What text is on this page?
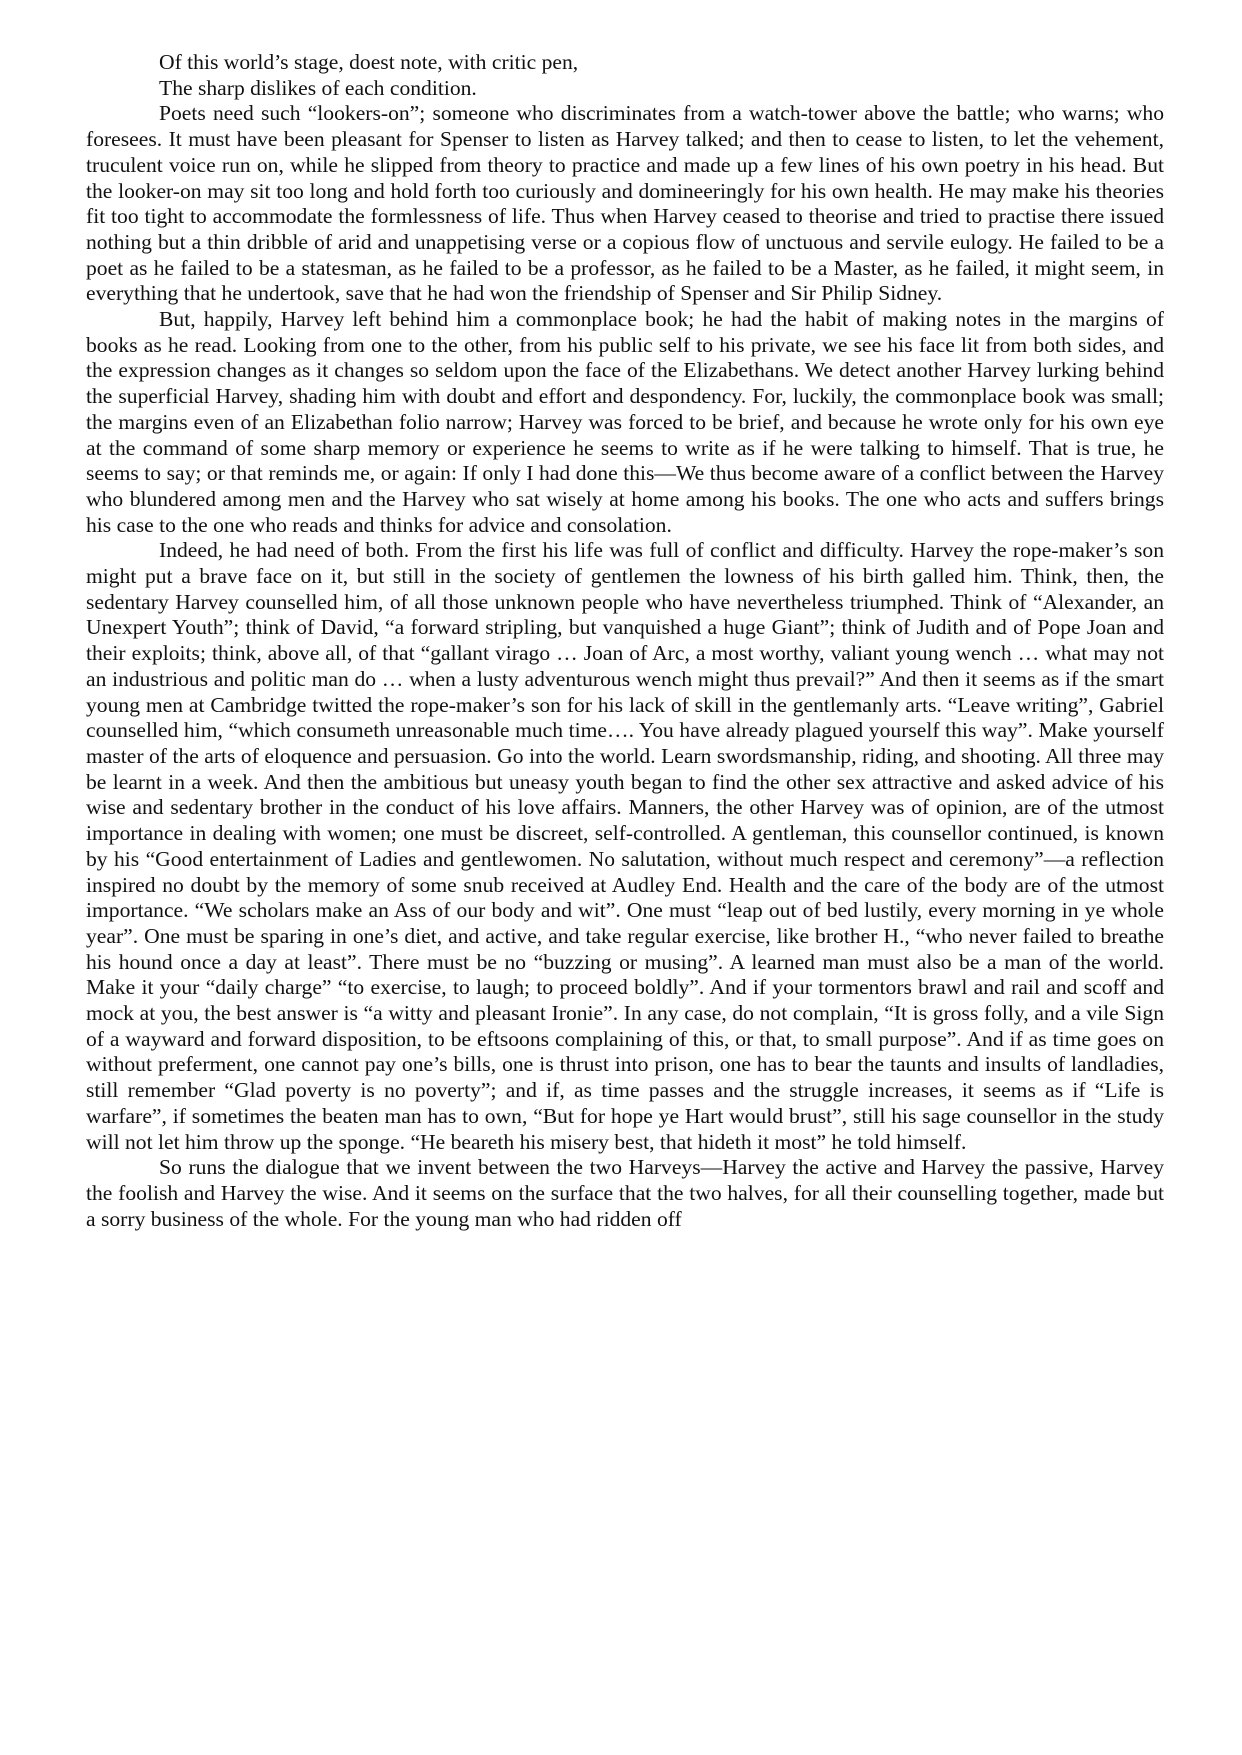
Of this world’s stage, doest note, with critic pen,

The sharp dislikes of each condition.

Poets need such “lookers-on”; someone who discriminates from a watch-tower above the battle; who warns; who foresees. It must have been pleasant for Spenser to listen as Harvey talked; and then to cease to listen, to let the vehement, truculent voice run on, while he slipped from theory to practice and made up a few lines of his own poetry in his head. But the looker-on may sit too long and hold forth too curiously and domineeringly for his own health. He may make his theories fit too tight to accommodate the formlessness of life. Thus when Harvey ceased to theorise and tried to practise there issued nothing but a thin dribble of arid and unappetising verse or a copious flow of unctuous and servile eulogy. He failed to be a poet as he failed to be a statesman, as he failed to be a professor, as he failed to be a Master, as he failed, it might seem, in everything that he undertook, save that he had won the friendship of Spenser and Sir Philip Sidney.

But, happily, Harvey left behind him a commonplace book; he had the habit of making notes in the margins of books as he read. Looking from one to the other, from his public self to his private, we see his face lit from both sides, and the expression changes as it changes so seldom upon the face of the Elizabethans. We detect another Harvey lurking behind the superficial Harvey, shading him with doubt and effort and despondency. For, luckily, the commonplace book was small; the margins even of an Elizabethan folio narrow; Harvey was forced to be brief, and because he wrote only for his own eye at the command of some sharp memory or experience he seems to write as if he were talking to himself. That is true, he seems to say; or that reminds me, or again: If only I had done this—We thus become aware of a conflict between the Harvey who blundered among men and the Harvey who sat wisely at home among his books. The one who acts and suffers brings his case to the one who reads and thinks for advice and consolation.

Indeed, he had need of both. From the first his life was full of conflict and difficulty. Harvey the rope-maker’s son might put a brave face on it, but still in the society of gentlemen the lowness of his birth galled him. Think, then, the sedentary Harvey counselled him, of all those unknown people who have nevertheless triumphed. Think of “Alexander, an Unexpert Youth”; think of David, “a forward stripling, but vanquished a huge Giant”; think of Judith and of Pope Joan and their exploits; think, above all, of that “gallant virago … Joan of Arc, a most worthy, valiant young wench … what may not an industrious and politic man do … when a lusty adventurous wench might thus prevail?” And then it seems as if the smart young men at Cambridge twitted the rope-maker’s son for his lack of skill in the gentlemanly arts. “Leave writing”, Gabriel counselled him, “which consumeth unreasonable much time…. You have already plagued yourself this way”. Make yourself master of the arts of eloquence and persuasion. Go into the world. Learn swordsmanship, riding, and shooting. All three may be learnt in a week. And then the ambitious but uneasy youth began to find the other sex attractive and asked advice of his wise and sedentary brother in the conduct of his love affairs. Manners, the other Harvey was of opinion, are of the utmost importance in dealing with women; one must be discreet, self-controlled. A gentleman, this counsellor continued, is known by his “Good entertainment of Ladies and gentlewomen. No salutation, without much respect and ceremony”—a reflection inspired no doubt by the memory of some snub received at Audley End. Health and the care of the body are of the utmost importance. “We scholars make an Ass of our body and wit”. One must “leap out of bed lustily, every morning in ye whole year”. One must be sparing in one’s diet, and active, and take regular exercise, like brother H., “who never failed to breathe his hound once a day at least”. There must be no “buzzing or musing”. A learned man must also be a man of the world. Make it your “daily charge” “to exercise, to laugh; to proceed boldly”. And if your tormentors brawl and rail and scoff and mock at you, the best answer is “a witty and pleasant Ironie”. In any case, do not complain, “It is gross folly, and a vile Sign of a wayward and forward disposition, to be eftsoons complaining of this, or that, to small purpose”. And if as time goes on without preferment, one cannot pay one’s bills, one is thrust into prison, one has to bear the taunts and insults of landladies, still remember “Glad poverty is no poverty”; and if, as time passes and the struggle increases, it seems as if “Life is warfare”, if sometimes the beaten man has to own, “But for hope ye Hart would brust”, still his sage counsellor in the study will not let him throw up the sponge. “He beareth his misery best, that hideth it most” he told himself.

So runs the dialogue that we invent between the two Harveys—Harvey the active and Harvey the passive, Harvey the foolish and Harvey the wise. And it seems on the surface that the two halves, for all their counselling together, made but a sorry business of the whole. For the young man who had ridden off
